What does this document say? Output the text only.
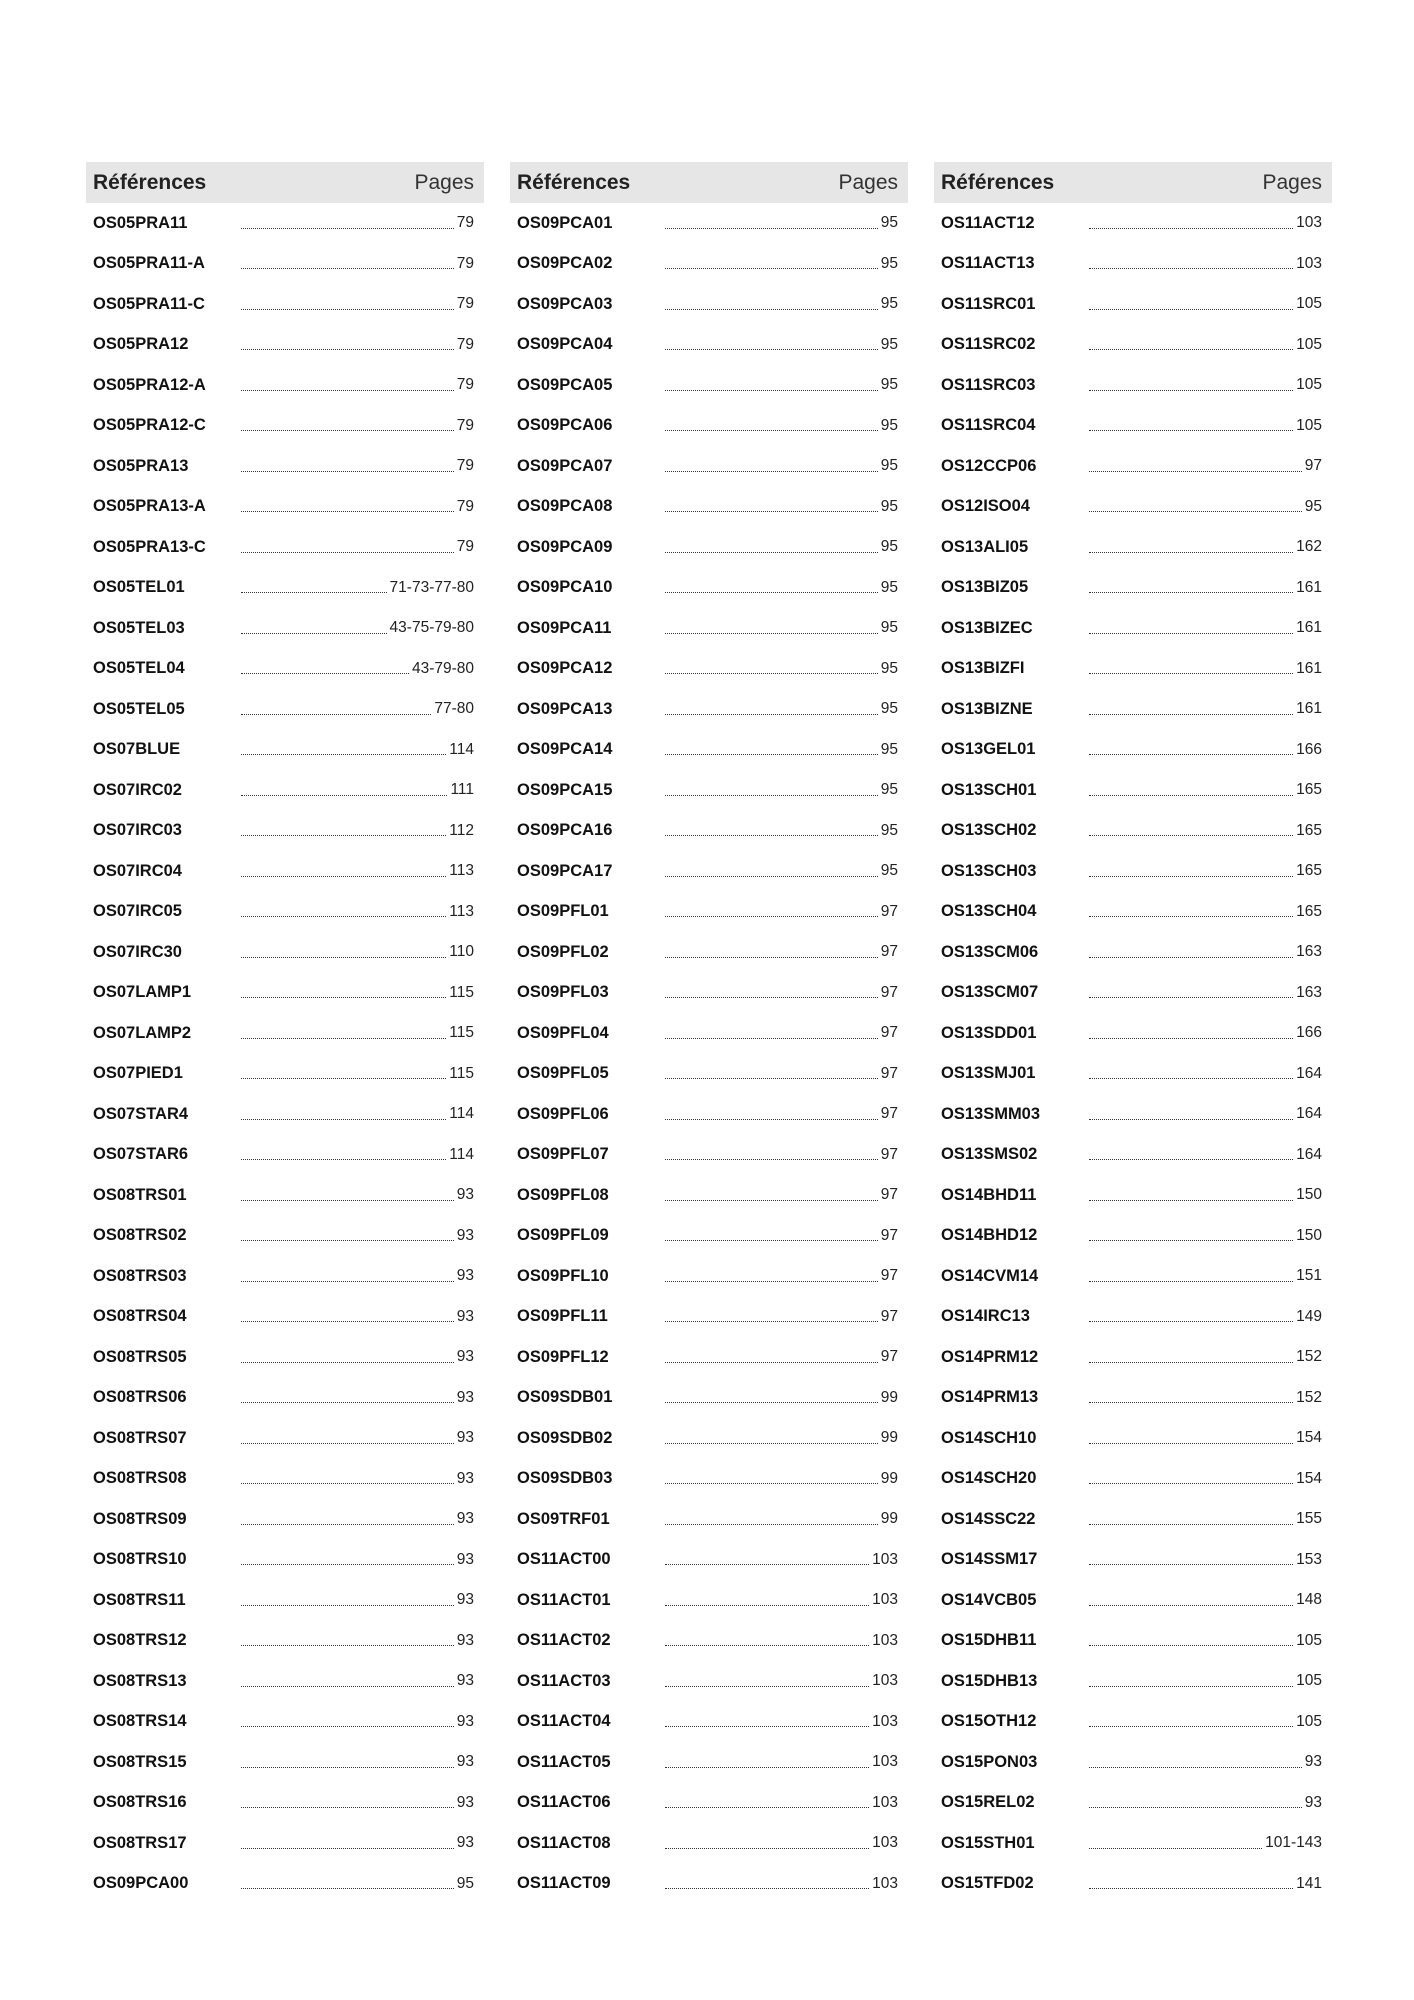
Références	Pages
OS05PRA11	79
OS05PRA11-A	79
OS05PRA11-C	79
OS05PRA12	79
OS05PRA12-A	79
OS05PRA12-C	79
OS05PRA13	79
OS05PRA13-A	79
OS05PRA13-C	79
OS05TEL01	71-73-77-80
OS05TEL03	43-75-79-80
OS05TEL04	43-79-80
OS05TEL05	77-80
OS07BLUE	114
OS07IRC02	111
OS07IRC03	112
OS07IRC04	113
OS07IRC05	113
OS07IRC30	110
OS07LAMP1	115
OS07LAMP2	115
OS07PIED1	115
OS07STAR4	114
OS07STAR6	114
OS08TRS01	93
OS08TRS02	93
OS08TRS03	93
OS08TRS04	93
OS08TRS05	93
OS08TRS06	93
OS08TRS07	93
OS08TRS08	93
OS08TRS09	93
OS08TRS10	93
OS08TRS11	93
OS08TRS12	93
OS08TRS13	93
OS08TRS14	93
OS08TRS15	93
OS08TRS16	93
OS08TRS17	93
OS09PCA00	95
Références	Pages
OS09PCA01	95
OS09PCA02	95
OS09PCA03	95
OS09PCA04	95
OS09PCA05	95
OS09PCA06	95
OS09PCA07	95
OS09PCA08	95
OS09PCA09	95
OS09PCA10	95
OS09PCA11	95
OS09PCA12	95
OS09PCA13	95
OS09PCA14	95
OS09PCA15	95
OS09PCA16	95
OS09PCA17	95
OS09PFL01	97
OS09PFL02	97
OS09PFL03	97
OS09PFL04	97
OS09PFL05	97
OS09PFL06	97
OS09PFL07	97
OS09PFL08	97
OS09PFL09	97
OS09PFL10	97
OS09PFL11	97
OS09PFL12	97
OS09SDB01	99
OS09SDB02	99
OS09SDB03	99
OS09TRF01	99
OS11ACT00	103
OS11ACT01	103
OS11ACT02	103
OS11ACT03	103
OS11ACT04	103
OS11ACT05	103
OS11ACT06	103
OS11ACT08	103
OS11ACT09	103
Références	Pages
OS11ACT12	103
OS11ACT13	103
OS11SRC01	105
OS11SRC02	105
OS11SRC03	105
OS11SRC04	105
OS12CCP06	97
OS12ISO04	95
OS13ALI05	162
OS13BIZ05	161
OS13BIZEC	161
OS13BIZFI	161
OS13BIZNE	161
OS13GEL01	166
OS13SCH01	165
OS13SCH02	165
OS13SCH03	165
OS13SCH04	165
OS13SCM06	163
OS13SCM07	163
OS13SDD01	166
OS13SMJ01	164
OS13SMM03	164
OS13SMS02	164
OS14BHD11	150
OS14BHD12	150
OS14CVM14	151
OS14IRC13	149
OS14PRM12	152
OS14PRM13	152
OS14SCH10	154
OS14SCH20	154
OS14SSC22	155
OS14SSM17	153
OS14VCB05	148
OS15DHB11	105
OS15DHB13	105
OS15OTH12	105
OS15PON03	93
OS15REL02	93
OS15STH01	101-143
OS15TFD02	141
